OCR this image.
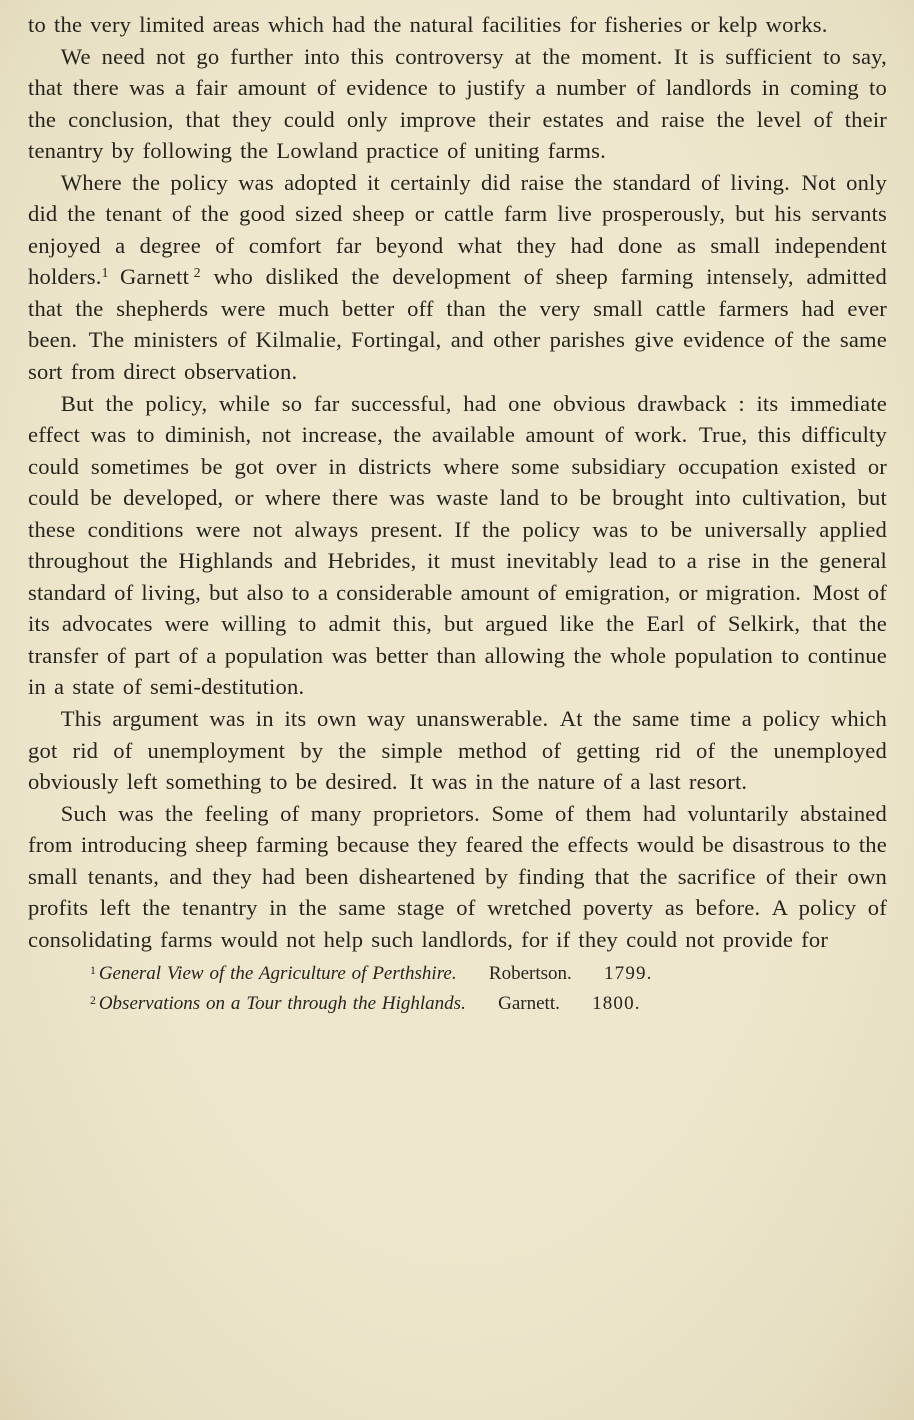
to the very limited areas which had the natural facilities for fisheries or kelp works.

We need not go further into this controversy at the moment. It is sufficient to say, that there was a fair amount of evidence to justify a number of landlords in coming to the conclusion, that they could only improve their estates and raise the level of their tenantry by following the Lowland practice of uniting farms.

Where the policy was adopted it certainly did raise the standard of living. Not only did the tenant of the good sized sheep or cattle farm live prosperously, but his servants enjoyed a degree of comfort far beyond what they had done as small independent holders.$^1$ Garnett $^2$ who disliked the development of sheep farming intensely, admitted that the shepherds were much better off than the very small cattle farmers had ever been. The ministers of Kilmalie, Fortingal, and other parishes give evidence of the same sort from direct observation.

But the policy, while so far successful, had one obvious drawback : its immediate effect was to diminish, not increase, the available amount of work. True, this difficulty could sometimes be got over in districts where some subsidiary occupation existed or could be developed, or where there was waste land to be brought into cultivation, but these conditions were not always present. If the policy was to be universally applied throughout the Highlands and Hebrides, it must inevitably lead to a rise in the general standard of living, but also to a considerable amount of emigration, or migration. Most of its advocates were willing to admit this, but argued like the Earl of Selkirk, that the transfer of part of a population was better than allowing the whole population to continue in a state of semi-destitution.

This argument was in its own way unanswerable. At the same time a policy which got rid of unemployment by the simple method of getting rid of the unemployed obviously left something to be desired. It was in the nature of a last resort.

Such was the feeling of many proprietors. Some of them had voluntarily abstained from introducing sheep farming because they feared the effects would be disastrous to the small tenants, and they had been disheartened by finding that the sacrifice of their own profits left the tenantry in the same stage of wretched poverty as before. A policy of consolidating farms would not help such landlords, for if they could not provide for

$^1$ General View of the Agriculture of Perthshire. Robertson. 1799.
$^2$ Observations on a Tour through the Highlands. Garnett. 1800.
